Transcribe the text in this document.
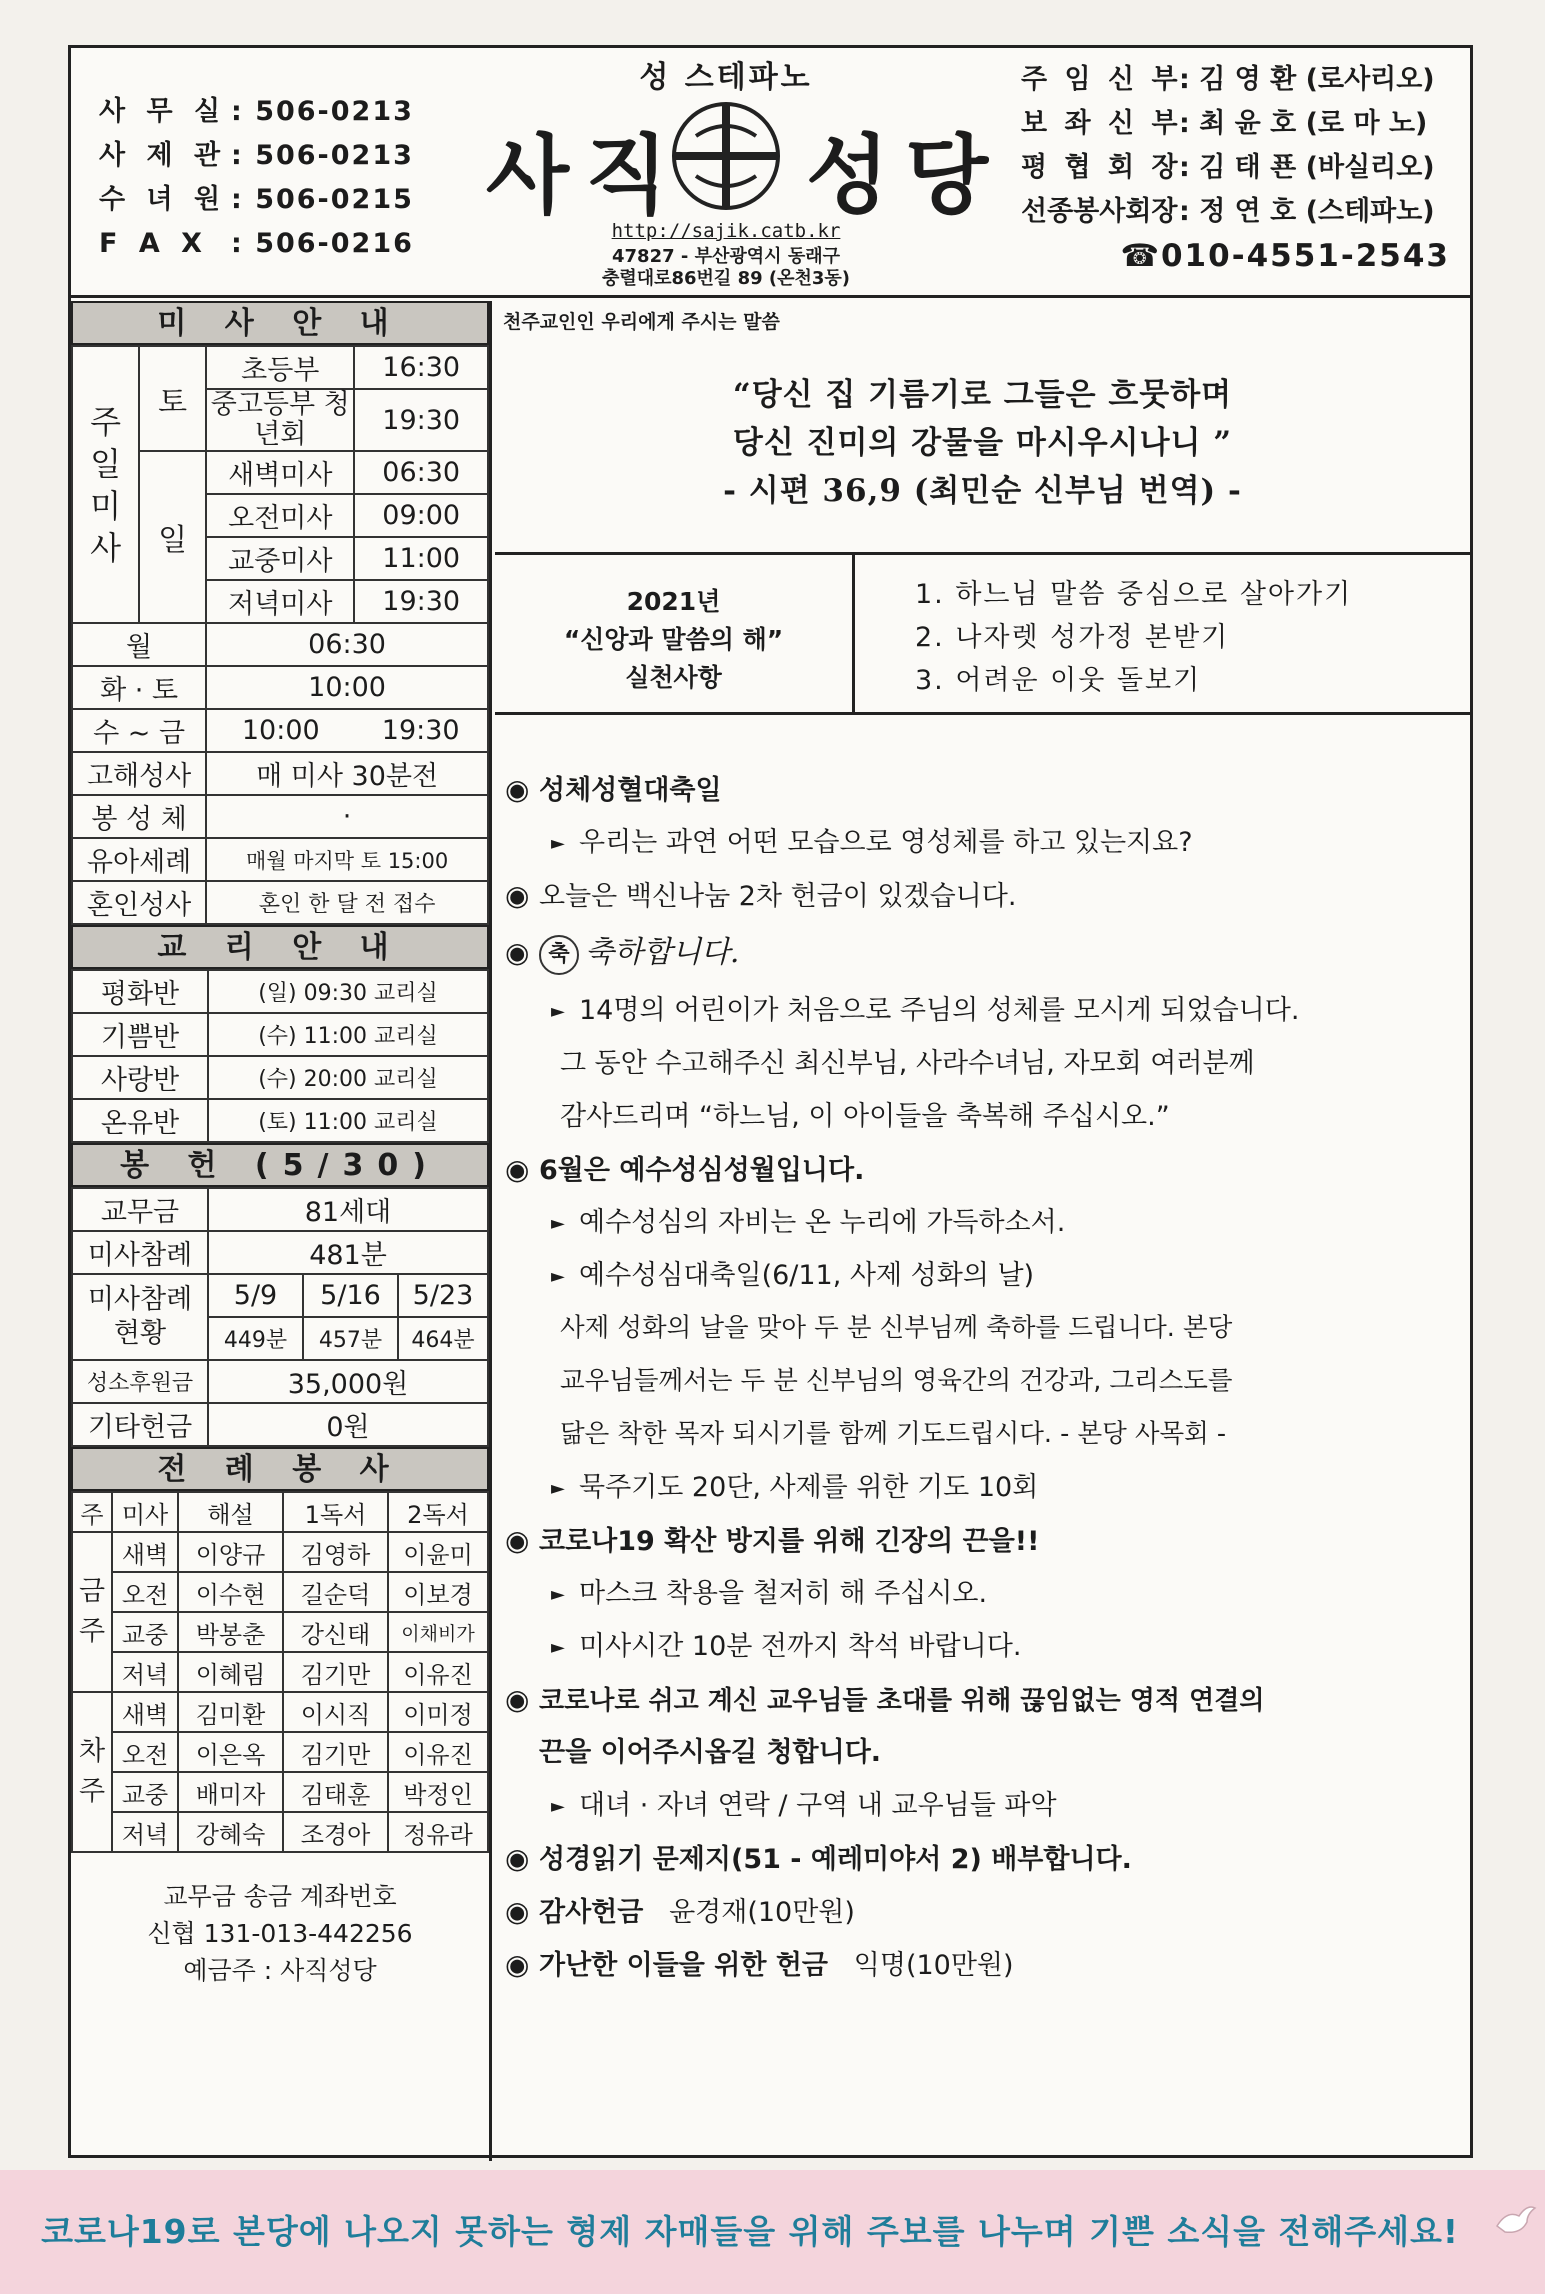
사 무 실 : 506-0213
사 제 관 : 506-0213
수 녀 원 : 506-0215
F A X : 506-0216
성 스테파노
사직 성당
http://sajik.catb.kr
47827 - 부산광역시 동래구
충렬대로86번길 89 (온천3동)
주 임 신 부
: 김 영 환 (로사리오)
보 좌 신 부
: 최 윤 호 (로 마 노)
평 협 회 장
: 김 태 푠 (바실리오)
선종봉사회장 : 정 연 호 (스테파노)
☎010-4551-2543
미 사 안 내
주 일 미 사	토	초등부	16:30
		중고등부 청년회	19:30
	일	새벽미사	06:30
		오전미사	09:00
		교중미사	11:00
		저녁미사	19:30
월		06:30	
화 · 토		10:00	
수 ~ 금		10:00	19:30
고해성사		매 미사 30분전	
봉 성 체		·	
유아세례		매월 마지막 토 15:00	
혼인성사		혼인 한 달 전 접수	
교 리 안 내
평화반	(일) 09:30 교리실
기쁨반	(수) 11:00 교리실
사랑반	(수) 20:00 교리실
온유반	(토) 11:00 교리실
봉 헌 (5/30)
교무금	81세대		
미사참례	481분		
미사참례 현황	5/9	5/16	5/23
	449분	457분	464분
성소후원금	35,000원		
기타헌금	0원		
전 례 봉 사
주	미사	해설	1독서	2독서
금 주	새벽	이양규	김영하	이윤미
	오전	이수현	길순덕	이보경
	교중	박봉춘	강신태	이채비가
	저녁	이혜림	김기만	이유진
차 주	새벽	김미환	이시직	이미정
	오전	이은옥	김기만	이유진
	교중	배미자	김태훈	박정인
	저녁	강혜숙	조경아	정유라
교무금 송금 계좌번호
신협 131-013-442256
예금주 : 사직성당
천주교인인 우리에게 주시는 말씀
“당신 집 기름기로 그들은 흐뭇하며
당신 진미의 강물을 마시우시나니 ”
- 시편 36,9 (최민순 신부님 번역) -
2021년
“신앙과 말씀의 해”
실천사항
1. 하느님 말씀 중심으로 살아가기
2. 나자렛 성가정 본받기
3. 어려운 이웃 돌보기
◉ 성체성혈대축일
► 우리는 과연 어떤 모습으로 영성체를 하고 있는지요?
◉ 오늘은 백신나눔 2차 헌금이 있겠습니다.
◉ 축 축하합니다.
► 14명의 어린이가 처음으로 주님의 성체를 모시게 되었습니다.
그 동안 수고해주신 최신부님, 사라수녀님, 자모회 여러분께
감사드리며 “하느님, 이 아이들을 축복해 주십시오.”
◉ 6월은 예수성심성월입니다.
► 예수성심의 자비는 온 누리에 가득하소서.
► 예수성심대축일(6/11, 사제 성화의 날)
사제 성화의 날을 맞아 두 분 신부님께 축하를 드립니다. 본당
교우님들께서는 두 분 신부님의 영육간의 건강과, 그리스도를
닮은 착한 목자 되시기를 함께 기도드립시다. - 본당 사목회 -
► 묵주기도 20단, 사제를 위한 기도 10회
◉ 코로나19 확산 방지를 위해 긴장의 끈을!!
► 마스크 착용을 철저히 해 주십시오.
► 미사시간 10분 전까지 착석 바랍니다.
◉ 코로나로 쉬고 계신 교우님들 초대를 위해 끊임없는 영적 연결의
끈을 이어주시옵길 청합니다.
► 대녀 · 자녀 연락 / 구역 내 교우님들 파악
◉ 성경읽기 문제지(51 - 예레미야서 2) 배부합니다.
◉ 감사헌금 윤경재(10만원)
◉ 가난한 이들을 위한 헌금 익명(10만원)
코로나19로 본당에 나오지 못하는 형제 자매들을 위해 주보를 나누며 기쁜 소식을 전해주세요!
